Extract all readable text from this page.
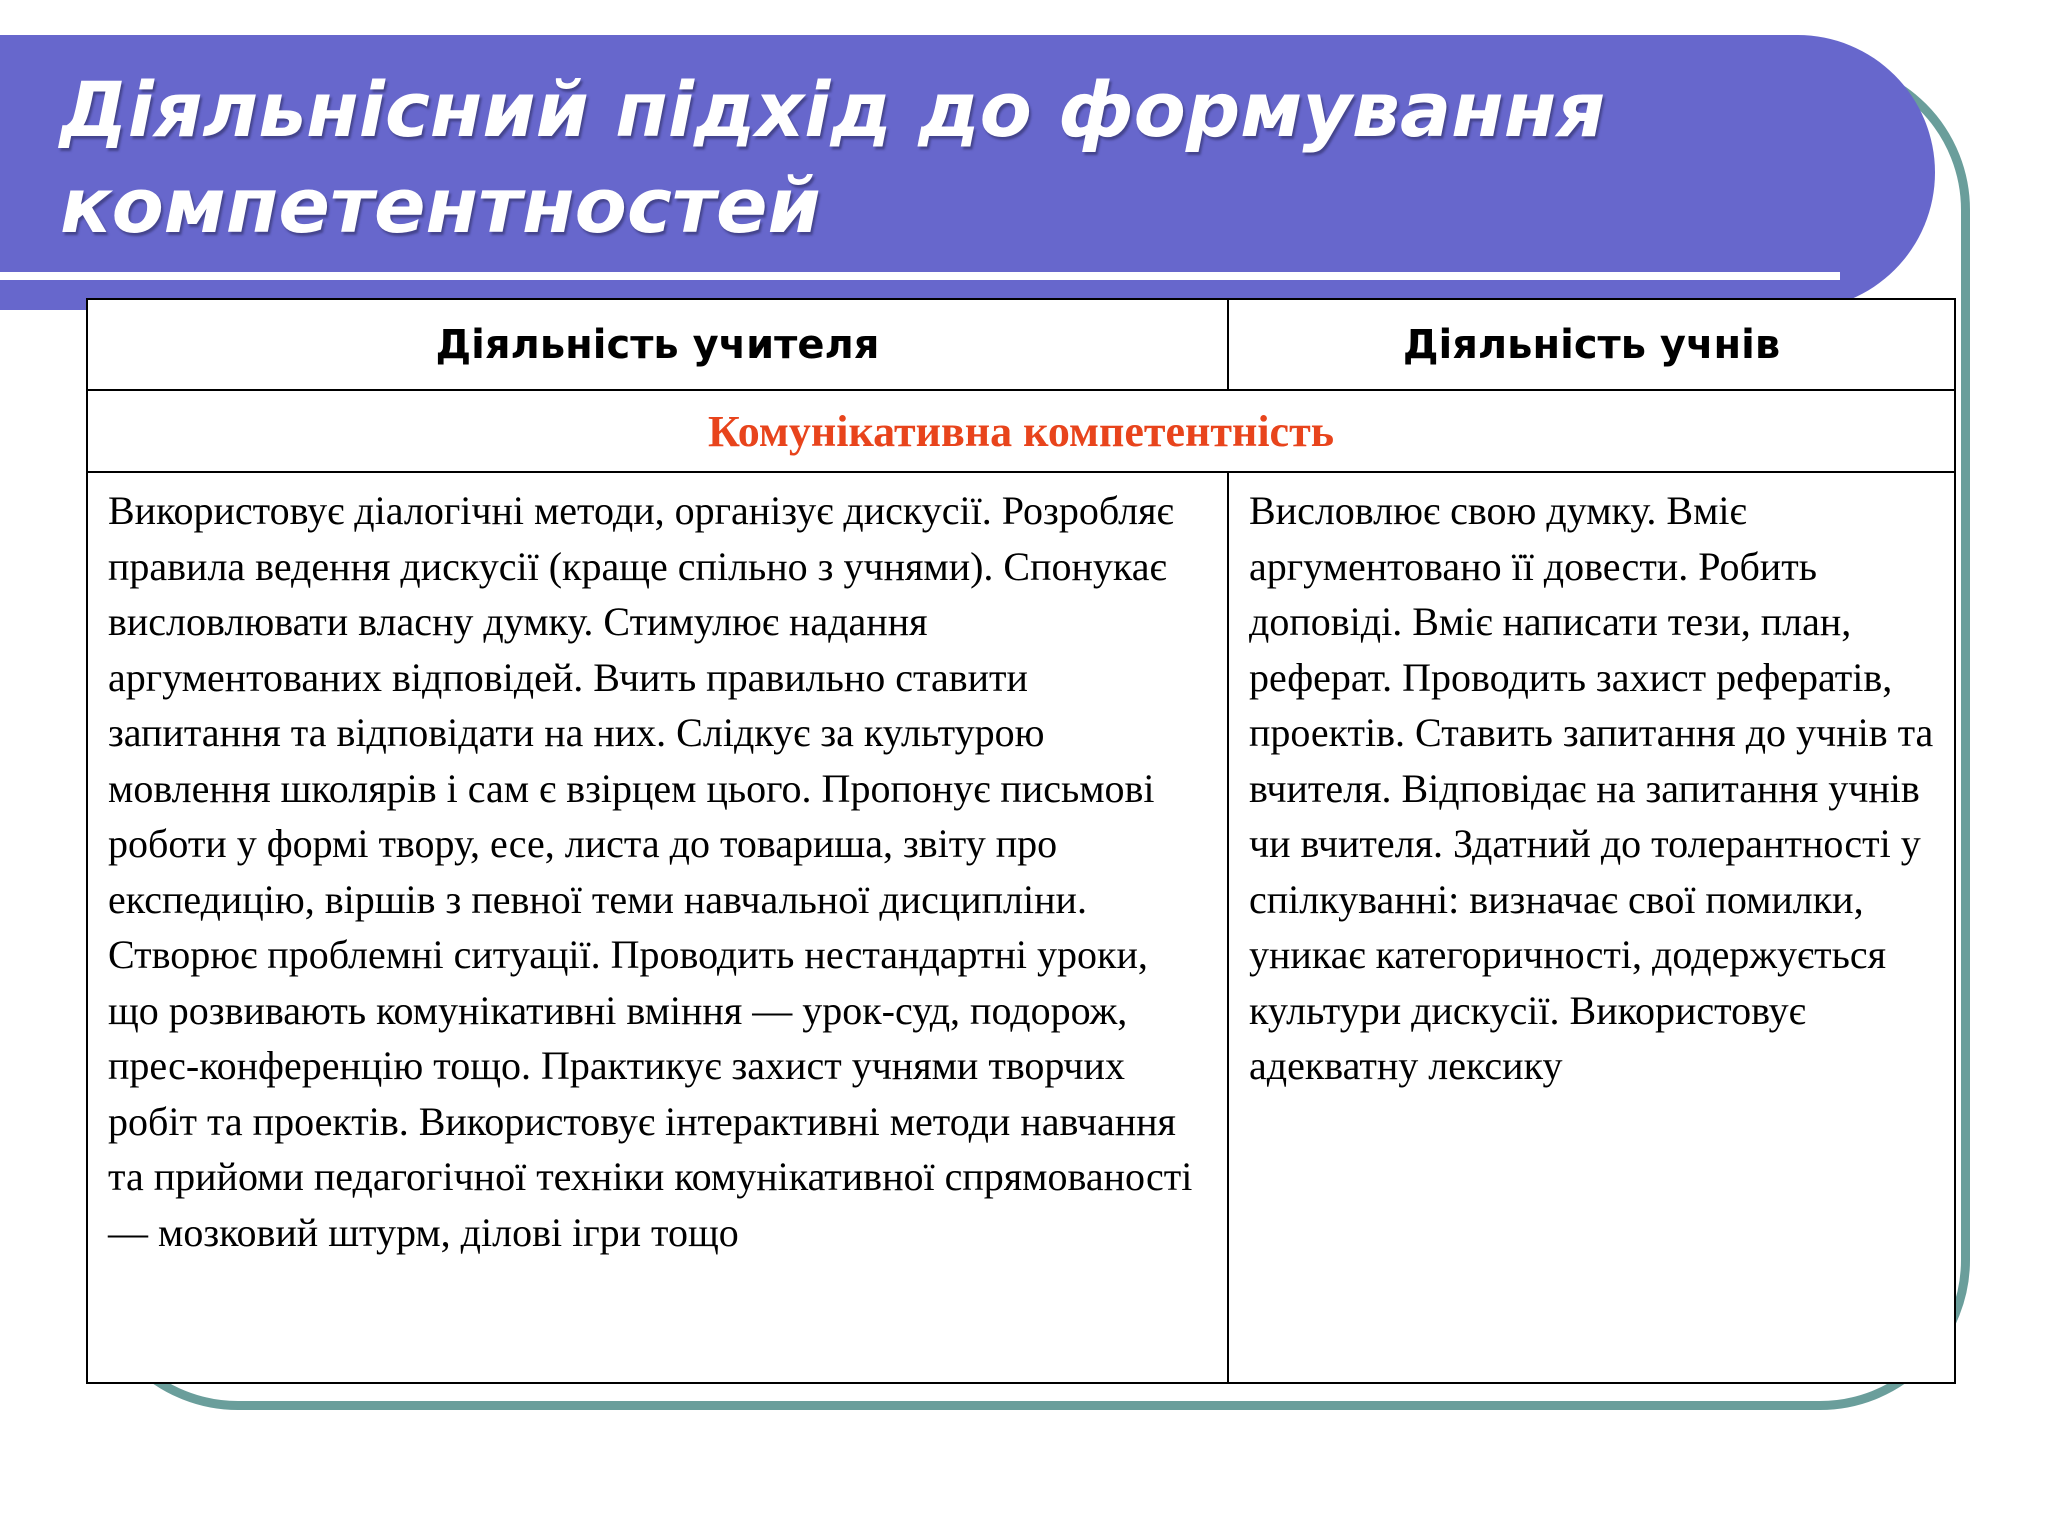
Діяльнісний підхід до формування компетентностей
Діяльність учителя	Діяльність учнів
Комунікативна компетентність
Використовує діалогічні методи, організує дискусії. Розробляє правила ведення дискусії (краще спільно з учнями). Спонукає висловлювати власну думку. Стимулює надання аргументованих відповідей. Вчить правильно ставити запитання та відповідати на них. Слідкує за культурою мовлення школярів і сам є взірцем цього. Пропонує письмові роботи у формі твору, есе, листа до товариша, звіту про експедицію, віршів з певної теми навчальної дисципліни. Створює проблемні ситуації. Проводить нестандартні уроки, що розвивають комунікативні вміння — урок-суд, подорож, прес-конференцію тощо. Практикує захист учнями творчих робіт та проектів. Використовує інтерактивні методи навчання та прийоми педагогічної техніки комунікативної спрямованості — мозковий штурм, ділові ігри тощо
Висловлює свою думку. Вміє аргументовано її довести. Робить доповіді. Вміє написати тези, план, реферат. Проводить захист рефератів, проектів. Ставить запитання до учнів та вчителя. Відповідає на запитання учнів чи вчителя. Здатний до толерантності у спілкуванні: визначає свої помилки, уникає категоричності, додержується культури дискусії. Використовує адекватну лексику
